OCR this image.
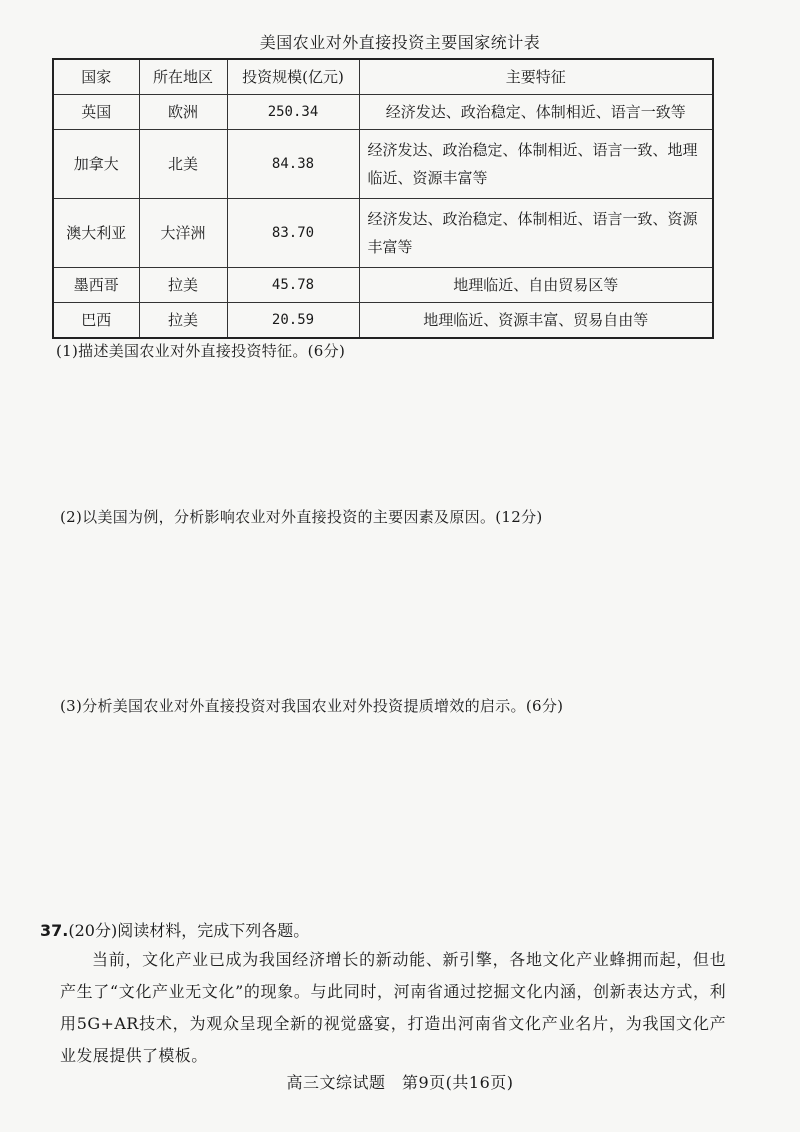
美国农业对外直接投资主要国家统计表
国家	所在地区	投资规模(亿元)	主要特征
英国	欧洲	250.34	经济发达、政治稳定、体制相近、语言一致等
加拿大	北美	84.38	经济发达、政治稳定、体制相近、语言一致、地理临近、资源丰富等
澳大利亚	大洋洲	83.70	经济发达、政治稳定、体制相近、语言一致、资源丰富等
墨西哥	拉美	45.78	地理临近、自由贸易区等
巴西	拉美	20.59	地理临近、资源丰富、贸易自由等
(1)描述美国农业对外直接投资特征。(6分)
(2)以美国为例，分析影响农业对外直接投资的主要因素及原因。(12分)
(3)分析美国农业对外直接投资对我国农业对外投资提质增效的启示。(6分)
37.(20分)阅读材料，完成下列各题。
当前，文化产业已成为我国经济增长的新动能、新引擎，各地文化产业蜂拥而起，但也产生了“文化产业无文化”的现象。与此同时，河南省通过挖掘文化内涵，创新表达方式，利用5G+AR技术，为观众呈现全新的视觉盛宴，打造出河南省文化产业名片，为我国文化产业发展提供了模板。
高三文综试题　第9页(共16页)
